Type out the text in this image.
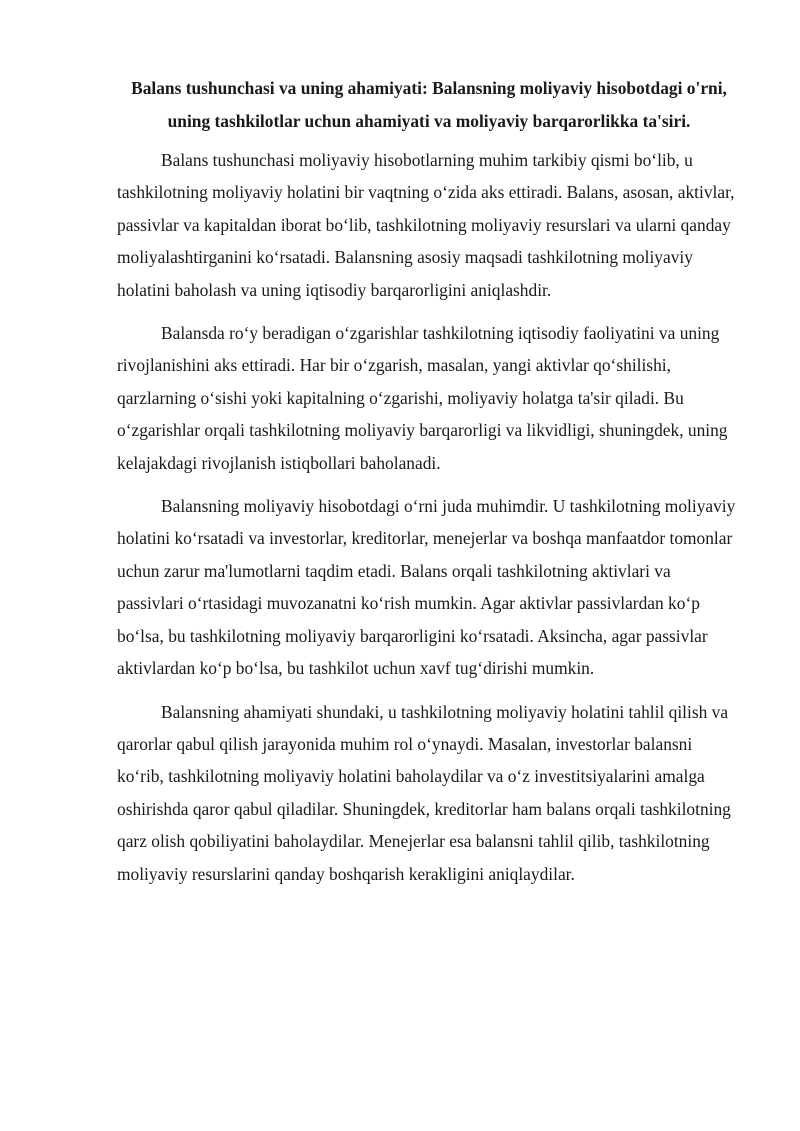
Balans tushunchasi va uning ahamiyati: Balansning moliyaviy hisobotdagi o'rni, uning tashkilotlar uchun ahamiyati va moliyaviy barqarorlikka ta'siri.

Balans tushunchasi moliyaviy hisobotlarning muhim tarkibiy qismi bo‘lib, u tashkilotning moliyaviy holatini bir vaqtning o‘zida aks ettiradi. Balans, asosan, aktivlar, passivlar va kapitaldan iborat bo‘lib, tashkilotning moliyaviy resurslari va ularni qanday moliyalashtirganini ko‘rsatadi. Balansning asosiy maqsadi tashkilotning moliyaviy holatini baholash va uning iqtisodiy barqarorligini aniqlashdir.

Balansda ro‘y beradigan o‘zgarishlar tashkilotning iqtisodiy faoliyatini va uning rivojlanishini aks ettiradi. Har bir o‘zgarish, masalan, yangi aktivlar qo‘shilishi, qarzlarning o‘sishi yoki kapitalning o‘zgarishi, moliyaviy holatga ta'sir qiladi. Bu o‘zgarishlar orqali tashkilotning moliyaviy barqarorligi va likvidligi, shuningdek, uning kelajakdagi rivojlanish istiqbollari baholanadi.

Balansning moliyaviy hisobotdagi o‘rni juda muhimdir. U tashkilotning moliyaviy holatini ko‘rsatadi va investorlar, kreditorlar, menejerlar va boshqa manfaatdor tomonlar uchun zarur ma'lumotlarni taqdim etadi. Balans orqali tashkilotning aktivlari va passivlari o‘rtasidagi muvozanatni ko‘rish mumkin. Agar aktivlar passivlardan ko‘p bo‘lsa, bu tashkilotning moliyaviy barqarorligini ko‘rsatadi. Aksincha, agar passivlar aktivlardan ko‘p bo‘lsa, bu tashkilot uchun xavf tug‘dirishi mumkin.

Balansning ahamiyati shundaki, u tashkilotning moliyaviy holatini tahlil qilish va qarorlar qabul qilish jarayonida muhim rol o‘ynaydi. Masalan, investorlar balansni ko‘rib, tashkilotning moliyaviy holatini baholaydilar va o‘z investitsiyalarini amalga oshirishda qaror qabul qiladilar. Shuningdek, kreditorlar ham balans orqali tashkilotning qarz olish qobiliyatini baholaydilar. Menejerlar esa balansni tahlil qilib, tashkilotning moliyaviy resurslarini qanday boshqarish kerakligini aniqlaydilar.
